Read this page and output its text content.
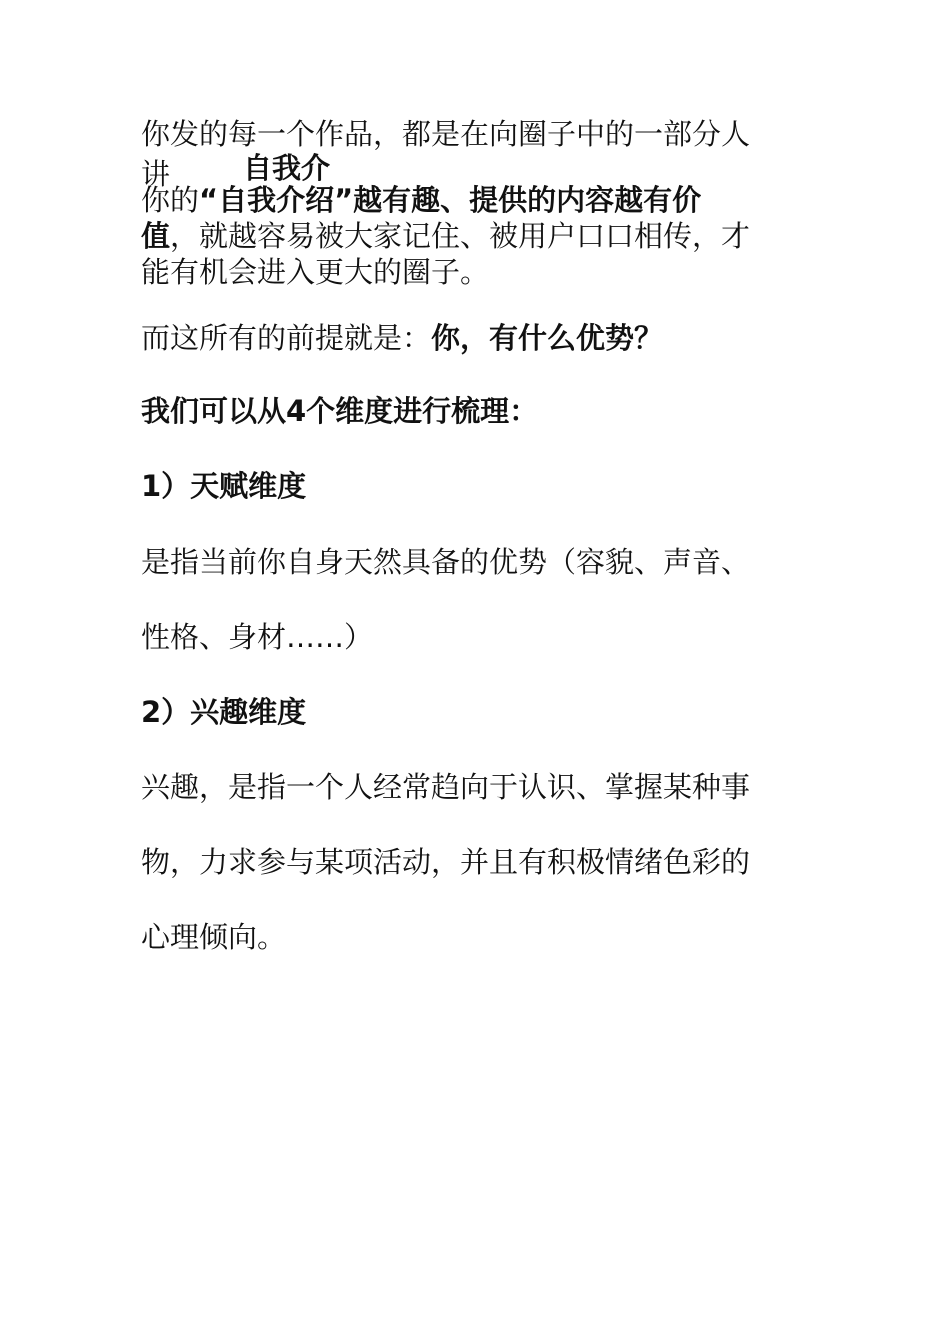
你发的每一个作品，都是在向圈子中的一部分人
讲	自我介
你的“自我介绍”越有趣、提供的内容越有价
值，就越容易被大家记住、被用户口口相传，才
能有机会进入更大的圈子。
而这所有的前提就是：你，有什么优势？
我们可以从4个维度进行梳理：
1）天赋维度
是指当前你自身天然具备的优势（容貌、声音、
性格、身材……）
2）兴趣维度
兴趣，是指一个人经常趋向于认识、掌握某种事
物，力求参与某项活动，并且有积极情绪色彩的
心理倾向。
